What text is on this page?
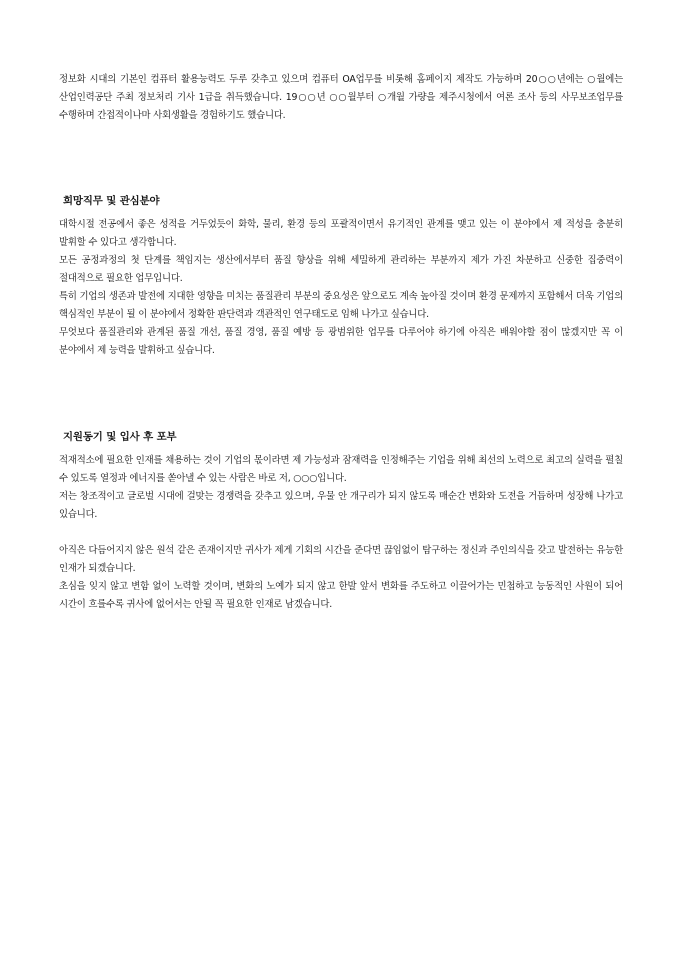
정보화 시대의 기본인 컴퓨터 활용능력도 두루 갖추고 있으며 컴퓨터 OA업무를 비롯해 홈페이지 제작도 가능하며 20○○년에는 ○월에는 산업인력공단 주최 정보처리 기사 1급을 취득했습니다. 19○○년 ○○월부터 ○개월 가량을 제주시청에서 여론 조사 등의 사무보조업무를 수행하며 간접적이나마 사회생활을 경험하기도 했습니다.

희망직무 및 관심분야

대학시절 전공에서 좋은 성적을 거두었듯이 화학, 물리, 환경 등의 포괄적이면서 유기적인 관계를 맺고 있는 이 분야에서 제 적성을 충분히 발휘할 수 있다고 생각합니다.

모든 공정과정의 첫 단계를 책임지는 생산에서부터 품질 향상을 위해 세밀하게 관리하는 부분까지 제가 가진 차분하고 신중한 집중력이 절대적으로 필요한 업무입니다.

특히 기업의 생존과 발전에 지대한 영향을 미치는 품질관리 부분의 중요성은 앞으로도 계속 높아질 것이며 환경 문제까지 포함해서 더욱 기업의 핵심적인 부분이 될 이 분야에서 정확한 판단력과 객관적인 연구태도로 임해 나가고 싶습니다.

무엇보다 품질관리와 관계된 품질 개선, 품질 경영, 품질 예방 등 광범위한 업무를 다루어야 하기에 아직은 배워야할 점이 많겠지만 꼭 이 분야에서 제 능력을 발휘하고 싶습니다.

지원동기 및 입사 후 포부

적재적소에 필요한 인재를 채용하는 것이 기업의 몫이라면 제 가능성과 잠재력을 인정해주는 기업을 위해 최선의 노력으로 최고의 실력을 펼칠 수 있도록 열정과 에너지를 쏟아낼 수 있는 사람은 바로 저, ○○○입니다.

저는 창조적이고 글로벌 시대에 걸맞는 경쟁력을 갖추고 있으며, 우물 안 개구리가 되지 않도록 매순간 변화와 도전을 거듭하며 성장해 나가고 있습니다.

아직은 다듬어지지 않은 원석 같은 존재이지만 귀사가 제게 기회의 시간을 준다면 끊임없이 탐구하는 정신과 주인의식을 갖고 발전하는 유능한 인재가 되겠습니다.

초심을 잊지 않고 변함 없이 노력할 것이며, 변화의 노예가 되지 않고 한발 앞서 변화를 주도하고 이끌어가는 민첩하고 능동적인 사원이 되어 시간이 흐를수록 귀사에 없어서는 안될 꼭 필요한 인재로 남겠습니다.
